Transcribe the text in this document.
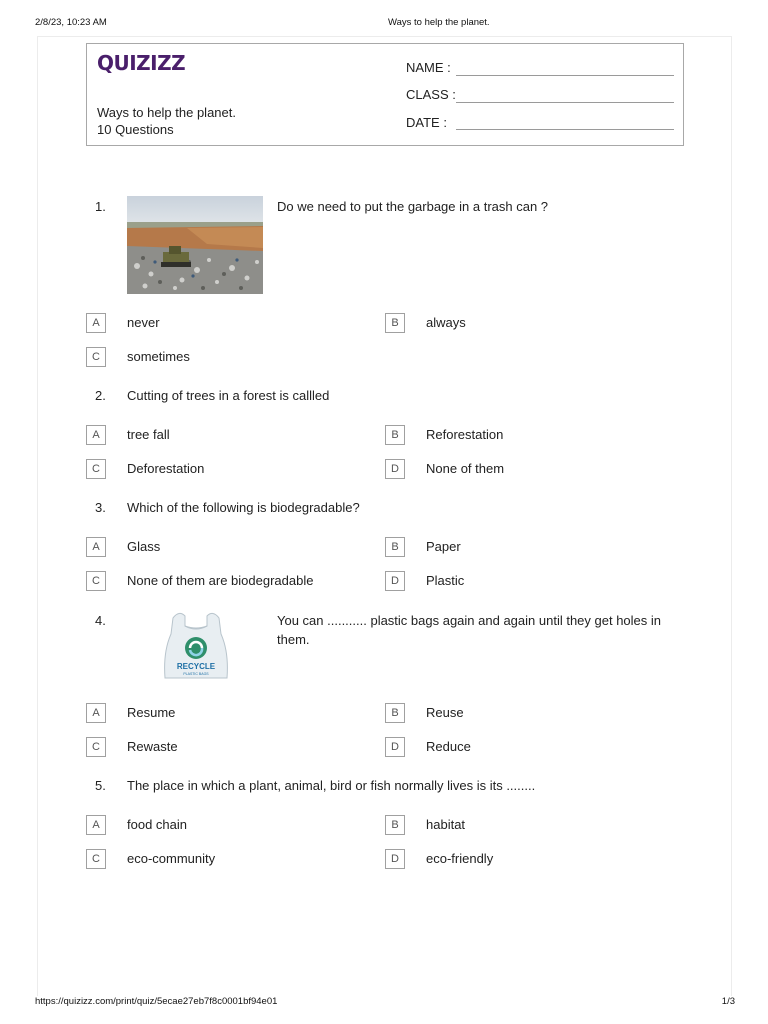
2/8/23, 10:23 AM	Ways to help the planet.
QUIZIZZ
Ways to help the planet.
10 Questions
NAME :
CLASS :
DATE :
1.	Do we need to put the garbage in a trash can ?
A	never	B	always
C	sometimes
2. Cutting of trees in a forest is callled
A	tree fall	B	Reforestation
C	Deforestation	D	None of them
3. Which of the following is biodegradable?
A	Glass	B	Paper
C	None of them are biodegradable	D	Plastic
4.
RECYCLE
PLASTIC BAGS
You can ........... plastic bags again and again until they get holes in them.
A	Resume	B	Reuse
C	Rewaste	D	Reduce
5. The place in which a plant, animal, bird or fish normally lives is its ........
A	food chain	B	habitat
C	eco-community	D	eco-friendly
https://quizizz.com/print/quiz/5ecae27eb7f8c0001bf94e01	1/3
